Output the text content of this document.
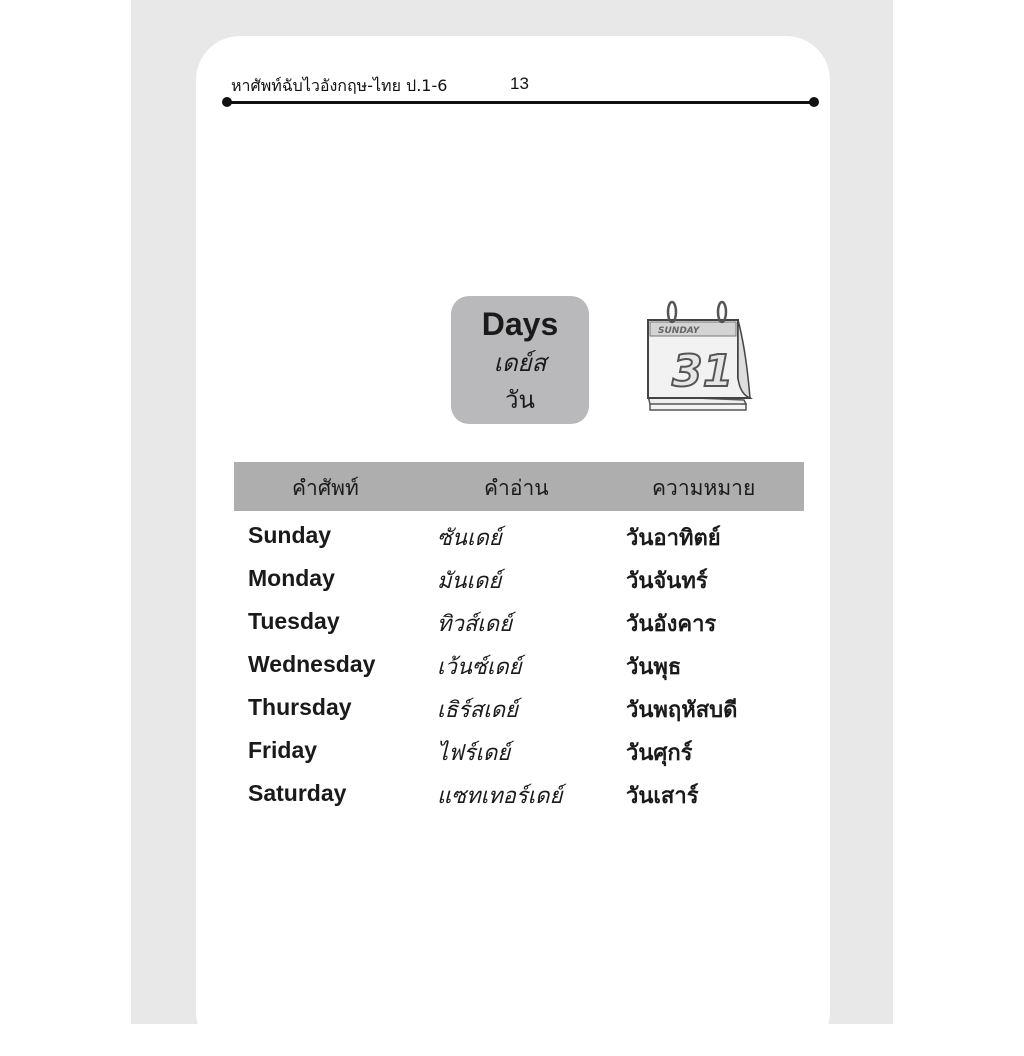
หาศัพท์ฉับไวอังกฤษ-ไทย ป.1-6	13
Days
เดย์ส
วัน
SUNDAY
31
คำศัพท์	คำอ่าน	ความหมาย
Sunday	ซันเดย์	วันอาทิตย์
Monday	มันเดย์	วันจันทร์
Tuesday	ทิวส์เดย์	วันอังคาร
Wednesday	เว้นซ์เดย์	วันพุธ
Thursday	เธิร์สเดย์	วันพฤหัสบดี
Friday	ไฟร์เดย์	วันศุกร์
Saturday	แซทเทอร์เดย์	วันเสาร์
